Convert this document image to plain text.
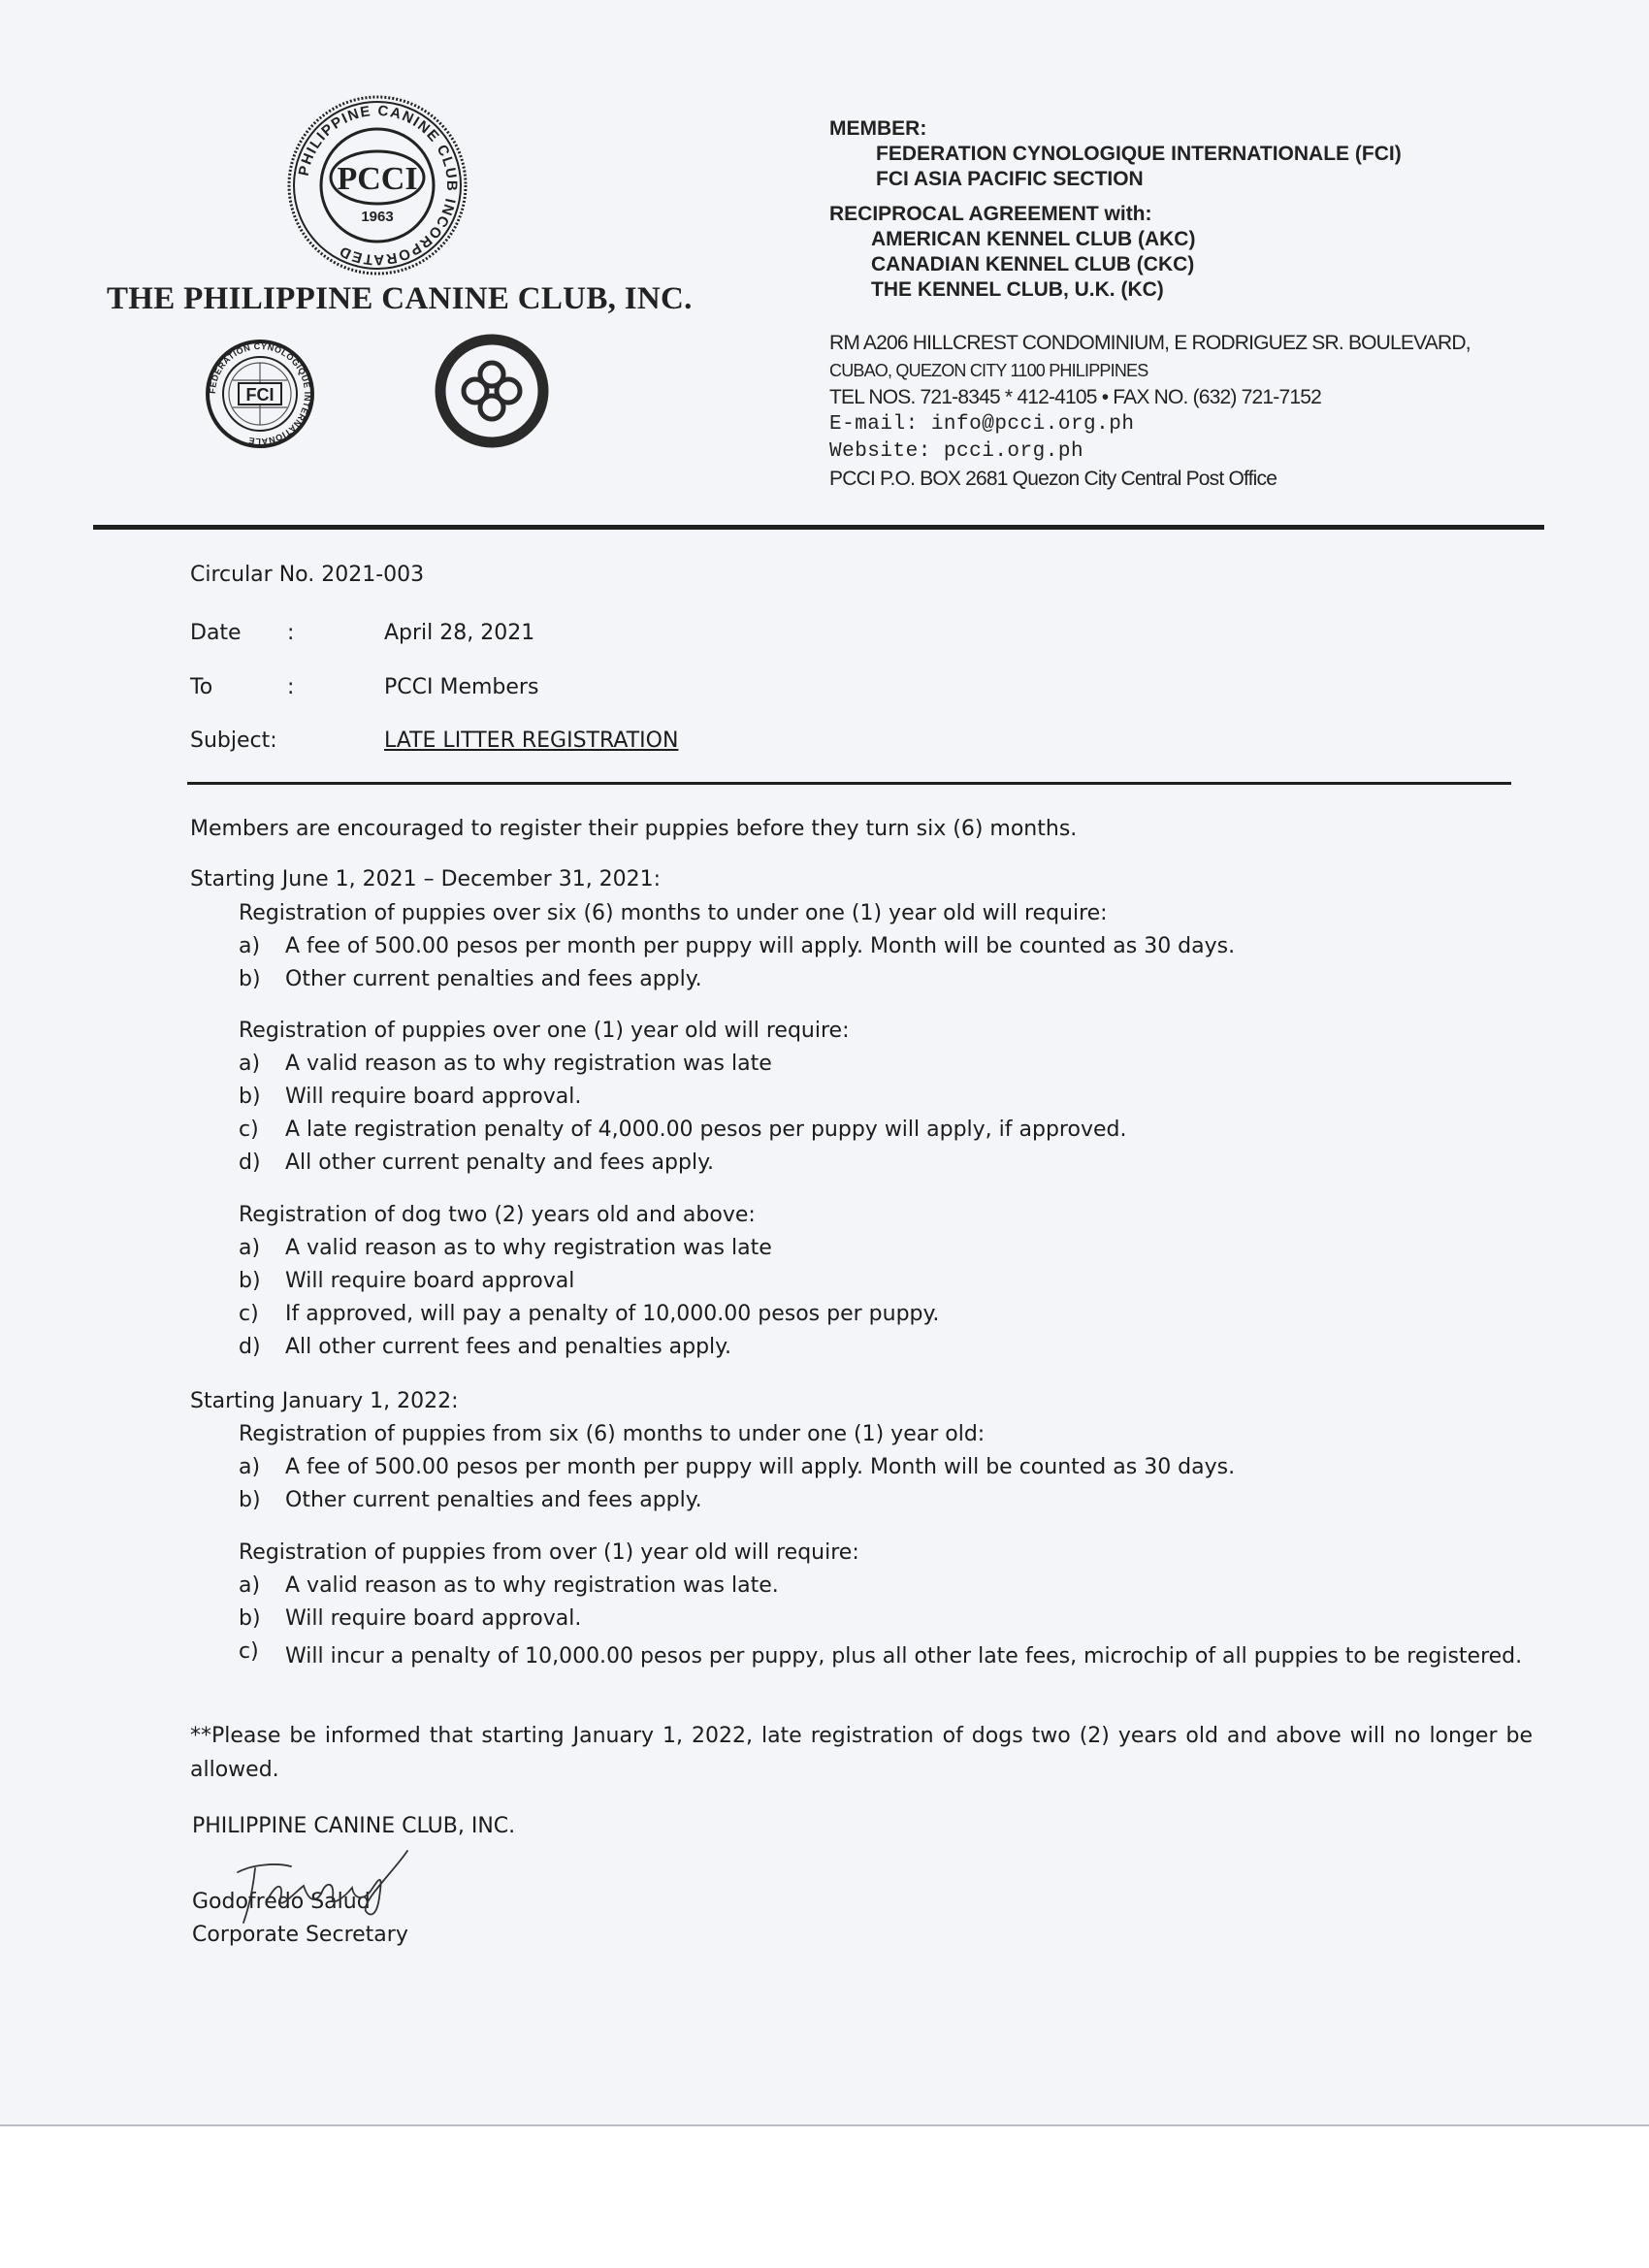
PHILIPPINE CANINE CLUB INCORPORATED
PCCI
1963
THE PHILIPPINE CANINE CLUB, INC.
FEDERATION CYNOLOGIQUE INTERNATIONALE
FCI
MEMBER:
FEDERATION CYNOLOGIQUE INTERNATIONALE (FCI)
FCI ASIA PACIFIC SECTION
RECIPROCAL AGREEMENT with:
AMERICAN KENNEL CLUB (AKC)
CANADIAN KENNEL CLUB (CKC)
THE KENNEL CLUB, U.K. (KC)
RM A206 HILLCREST CONDOMINIUM, E RODRIGUEZ SR. BOULEVARD,
CUBAO, QUEZON CITY 1100 PHILIPPINES
TEL NOS. 721-8345 * 412-4105 • FAX NO. (632) 721-7152
E-mail: info@pcci.org.ph
Website: pcci.org.ph
PCCI P.O. BOX 2681 Quezon City Central Post Office
Circular No. 2021-003
Date :	April 28, 2021
To	:	PCCI Members
Subject:	LATE LITTER REGISTRATION
Members are encouraged to register their puppies before they turn six (6) months.
Starting June 1, 2021 – December 31, 2021:
Registration of puppies over six (6) months to under one (1) year old will require:
a) A fee of 500.00 pesos per month per puppy will apply. Month will be counted as 30 days.
b) Other current penalties and fees apply.
Registration of puppies over one (1) year old will require:
a) A valid reason as to why registration was late
b) Will require board approval.
c) A late registration penalty of 4,000.00 pesos per puppy will apply, if approved.
d) All other current penalty and fees apply.
Registration of dog two (2) years old and above:
a) A valid reason as to why registration was late
b) Will require board approval
c) If approved, will pay a penalty of 10,000.00 pesos per puppy.
d) All other current fees and penalties apply.
Starting January 1, 2022:
Registration of puppies from six (6) months to under one (1) year old:
a) A fee of 500.00 pesos per month per puppy will apply. Month will be counted as 30 days.
b) Other current penalties and fees apply.
Registration of puppies from over (1) year old will require:
a) A valid reason as to why registration was late.
b) Will require board approval.
c) Will incur a penalty of 10,000.00 pesos per puppy, plus all other late fees, microchip of all puppies to be registered.
**Please be informed that starting January 1, 2022, late registration of dogs two (2) years old and above will no longer be allowed.
PHILIPPINE CANINE CLUB, INC.
Godofredo Salud
Corporate Secretary
